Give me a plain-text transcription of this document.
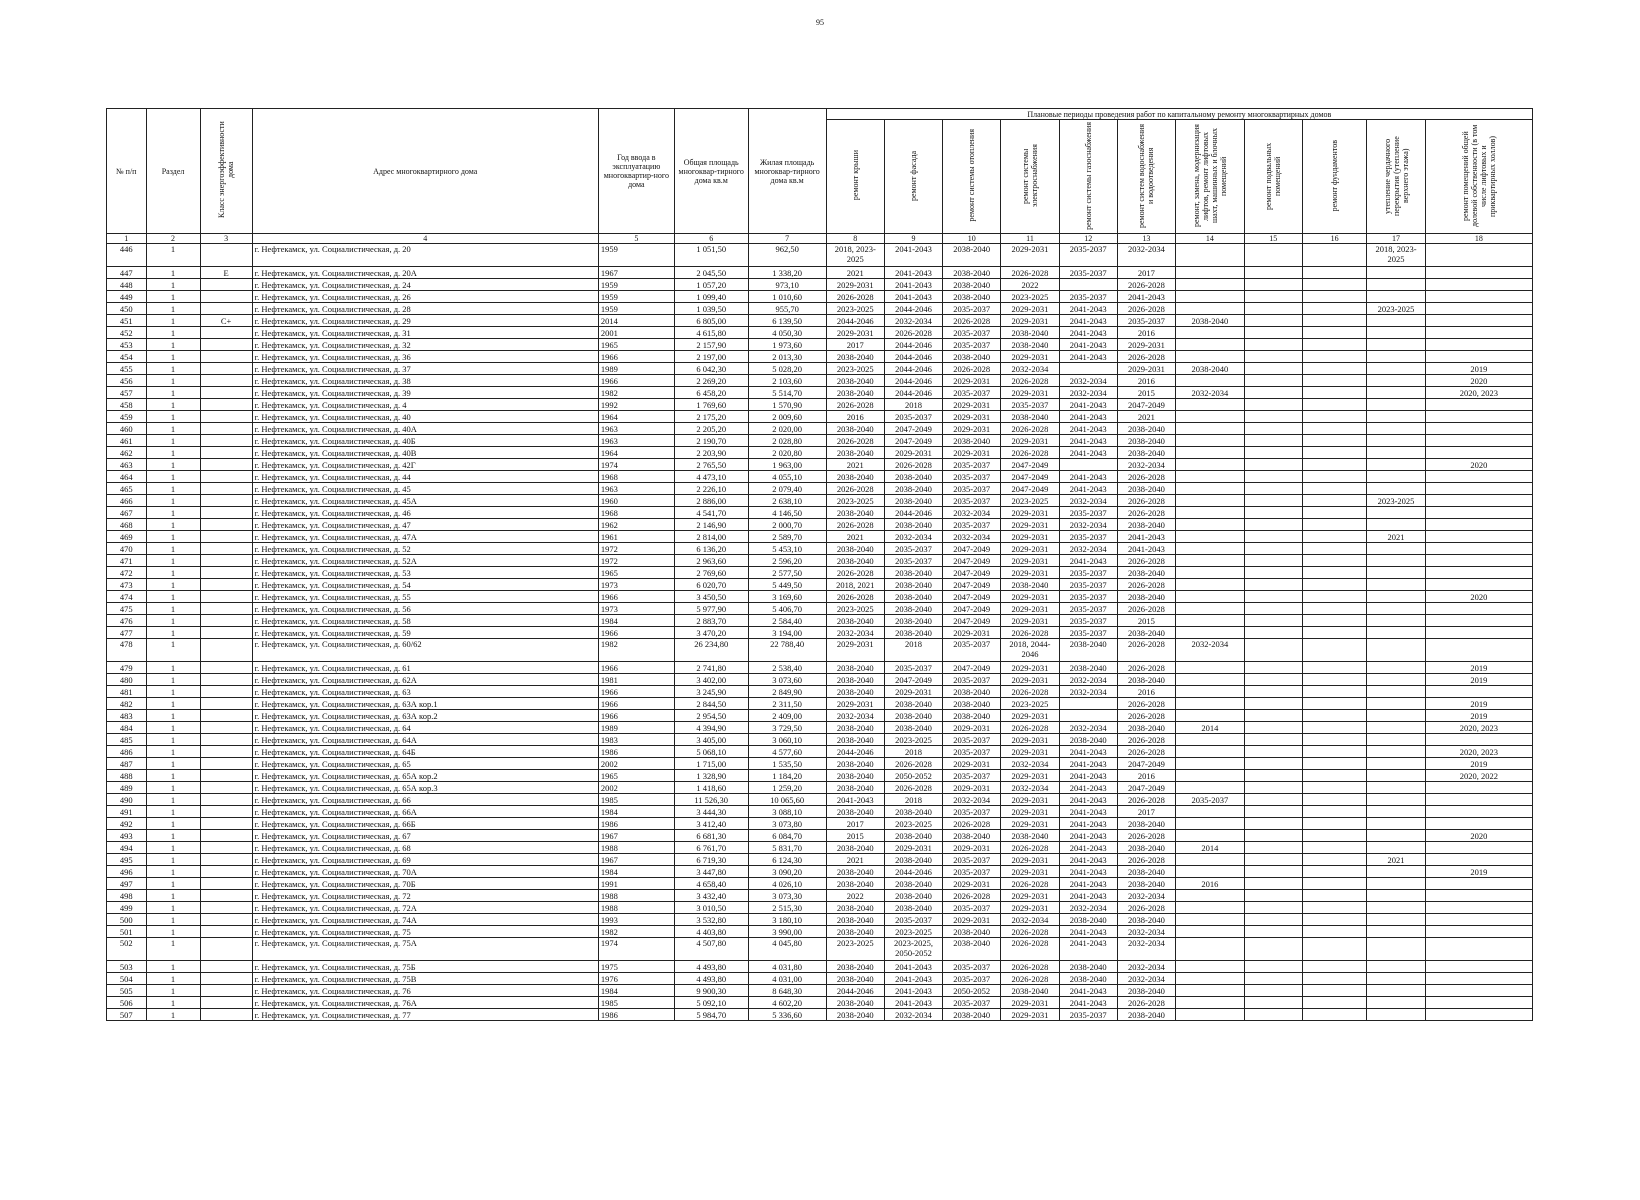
95
№ п/п	Раздел	Класс энергоэффективности дома	Адрес многоквартирного дома	Год ввода в эксплуатацию многоквартир-ного дома	Общая площадь многоквар-тирного дома кв.м	Жилая площадь многоквар-тирного дома кв.м	Плановые периоды проведения работ по капитальному ремонту многоквартирных домов										
							ремонт крыши	ремонт фасада	ремонт системы отопления	ремонт системы электроснабжения	ремонт системы газоснабжения	ремонт систем водоснабжения и водоотведения	ремонт, замена, модернизация лифтов, ремонт лифтовых шахт, машинных и блочных помещений	ремонт подвальных помещений	ремонт фундаментов	утепление чердачного перекрытия (утепление верхнего этажа)	ремонт помещений общей долевой собственности (в том числе лифтовых и приквартирных холлов)
1	2	3	4	5	6	7	8	9	10	11	12	13	14	15	16	17	18
446	1		г. Нефтекамск, ул. Социалистическая, д. 20	1959	1 051,50	962,50	2018, 2023-2025	2041-2043	2038-2040	2029-2031	2035-2037	2032-2034				2018, 2023-2025	
447	1	Е	г. Нефтекамск, ул. Социалистическая, д. 20А	1967	2 045,50	1 338,20	2021	2041-2043	2038-2040	2026-2028	2035-2037	2017					
448	1		г. Нефтекамск, ул. Социалистическая, д. 24	1959	1 057,20	973,10	2029-2031	2041-2043	2038-2040	2022		2026-2028					
449	1		г. Нефтекамск, ул. Социалистическая, д. 26	1959	1 099,40	1 010,60	2026-2028	2041-2043	2038-2040	2023-2025	2035-2037	2041-2043					
450	1		г. Нефтекамск, ул. Социалистическая, д. 28	1959	1 039,50	955,70	2023-2025	2044-2046	2035-2037	2029-2031	2041-2043	2026-2028				2023-2025	
451	1	С+	г. Нефтекамск, ул. Социалистическая, д. 29	2014	6 805,00	6 139,50	2044-2046	2032-2034	2026-2028	2029-2031	2041-2043	2035-2037	2038-2040				
452	1		г. Нефтекамск, ул. Социалистическая, д. 31	2001	4 615,80	4 050,30	2029-2031	2026-2028	2035-2037	2038-2040	2041-2043	2016					
453	1		г. Нефтекамск, ул. Социалистическая, д. 32	1965	2 157,90	1 973,60	2017	2044-2046	2035-2037	2038-2040	2041-2043	2029-2031					
454	1		г. Нефтекамск, ул. Социалистическая, д. 36	1966	2 197,00	2 013,30	2038-2040	2044-2046	2038-2040	2029-2031	2041-2043	2026-2028					
455	1		г. Нефтекамск, ул. Социалистическая, д. 37	1989	6 042,30	5 028,20	2023-2025	2044-2046	2026-2028	2032-2034		2029-2031	2038-2040				2019
456	1		г. Нефтекамск, ул. Социалистическая, д. 38	1966	2 269,20	2 103,60	2038-2040	2044-2046	2029-2031	2026-2028	2032-2034	2016					2020
457	1		г. Нефтекамск, ул. Социалистическая, д. 39	1982	6 458,20	5 514,70	2038-2040	2044-2046	2035-2037	2029-2031	2032-2034	2015	2032-2034				2020, 2023
458	1		г. Нефтекамск, ул. Социалистическая, д. 4	1992	1 769,60	1 570,90	2026-2028	2018	2029-2031	2035-2037	2041-2043	2047-2049					
459	1		г. Нефтекамск, ул. Социалистическая, д. 40	1964	2 175,20	2 009,60	2016	2035-2037	2029-2031	2038-2040	2041-2043	2021					
460	1		г. Нефтекамск, ул. Социалистическая, д. 40А	1963	2 205,20	2 020,00	2038-2040	2047-2049	2029-2031	2026-2028	2041-2043	2038-2040					
461	1		г. Нефтекамск, ул. Социалистическая, д. 40Б	1963	2 190,70	2 028,80	2026-2028	2047-2049	2038-2040	2029-2031	2041-2043	2038-2040					
462	1		г. Нефтекамск, ул. Социалистическая, д. 40В	1964	2 203,90	2 020,80	2038-2040	2029-2031	2029-2031	2026-2028	2041-2043	2038-2040					
463	1		г. Нефтекамск, ул. Социалистическая, д. 42Г	1974	2 765,50	1 963,00	2021	2026-2028	2035-2037	2047-2049		2032-2034					2020
464	1		г. Нефтекамск, ул. Социалистическая, д. 44	1968	4 473,10	4 055,10	2038-2040	2038-2040	2035-2037	2047-2049	2041-2043	2026-2028					
465	1		г. Нефтекамск, ул. Социалистическая, д. 45	1963	2 226,10	2 079,40	2026-2028	2038-2040	2035-2037	2047-2049	2041-2043	2038-2040					
466	1		г. Нефтекамск, ул. Социалистическая, д. 45А	1960	2 886,00	2 638,10	2023-2025	2038-2040	2035-2037	2023-2025	2032-2034	2026-2028				2023-2025	
467	1		г. Нефтекамск, ул. Социалистическая, д. 46	1968	4 541,70	4 146,50	2038-2040	2044-2046	2032-2034	2029-2031	2035-2037	2026-2028					
468	1		г. Нефтекамск, ул. Социалистическая, д. 47	1962	2 146,90	2 000,70	2026-2028	2038-2040	2035-2037	2029-2031	2032-2034	2038-2040					
469	1		г. Нефтекамск, ул. Социалистическая, д. 47А	1961	2 814,00	2 589,70	2021	2032-2034	2032-2034	2029-2031	2035-2037	2041-2043				2021	
470	1		г. Нефтекамск, ул. Социалистическая, д. 52	1972	6 136,20	5 453,10	2038-2040	2035-2037	2047-2049	2029-2031	2032-2034	2041-2043					
471	1		г. Нефтекамск, ул. Социалистическая, д. 52А	1972	2 963,60	2 596,20	2038-2040	2035-2037	2047-2049	2029-2031	2041-2043	2026-2028					
472	1		г. Нефтекамск, ул. Социалистическая, д. 53	1965	2 769,60	2 577,50	2026-2028	2038-2040	2047-2049	2029-2031	2035-2037	2038-2040					
473	1		г. Нефтекамск, ул. Социалистическая, д. 54	1973	6 020,70	5 449,50	2018, 2021	2038-2040	2047-2049	2038-2040	2035-2037	2026-2028					
474	1		г. Нефтекамск, ул. Социалистическая, д. 55	1966	3 450,50	3 169,60	2026-2028	2038-2040	2047-2049	2029-2031	2035-2037	2038-2040					2020
475	1		г. Нефтекамск, ул. Социалистическая, д. 56	1973	5 977,90	5 406,70	2023-2025	2038-2040	2047-2049	2029-2031	2035-2037	2026-2028					
476	1		г. Нефтекамск, ул. Социалистическая, д. 58	1984	2 883,70	2 584,40	2038-2040	2038-2040	2047-2049	2029-2031	2035-2037	2015					
477	1		г. Нефтекамск, ул. Социалистическая, д. 59	1966	3 470,20	3 194,00	2032-2034	2038-2040	2029-2031	2026-2028	2035-2037	2038-2040					
478	1		г. Нефтекамск, ул. Социалистическая, д. 60/62	1982	26 234,80	22 788,40	2029-2031	2018	2035-2037	2018, 2044-2046	2038-2040	2026-2028	2032-2034				
479	1		г. Нефтекамск, ул. Социалистическая, д. 61	1966	2 741,80	2 538,40	2038-2040	2035-2037	2047-2049	2029-2031	2038-2040	2026-2028					2019
480	1		г. Нефтекамск, ул. Социалистическая, д. 62А	1981	3 402,00	3 073,60	2038-2040	2047-2049	2035-2037	2029-2031	2032-2034	2038-2040					2019
481	1		г. Нефтекамск, ул. Социалистическая, д. 63	1966	3 245,90	2 849,90	2038-2040	2029-2031	2038-2040	2026-2028	2032-2034	2016					
482	1		г. Нефтекамск, ул. Социалистическая, д. 63А кор.1	1966	2 844,50	2 311,50	2029-2031	2038-2040	2038-2040	2023-2025		2026-2028					2019
483	1		г. Нефтекамск, ул. Социалистическая, д. 63А кор.2	1966	2 954,50	2 409,00	2032-2034	2038-2040	2038-2040	2029-2031		2026-2028					2019
484	1		г. Нефтекамск, ул. Социалистическая, д. 64	1989	4 394,90	3 729,50	2038-2040	2038-2040	2029-2031	2026-2028	2032-2034	2038-2040	2014				2020, 2023
485	1		г. Нефтекамск, ул. Социалистическая, д. 64А	1983	3 405,00	3 060,10	2038-2040	2023-2025	2035-2037	2029-2031	2038-2040	2026-2028					
486	1		г. Нефтекамск, ул. Социалистическая, д. 64Б	1986	5 068,10	4 577,60	2044-2046	2018	2035-2037	2029-2031	2041-2043	2026-2028					2020, 2023
487	1		г. Нефтекамск, ул. Социалистическая, д. 65	2002	1 715,00	1 535,50	2038-2040	2026-2028	2029-2031	2032-2034	2041-2043	2047-2049					2019
488	1		г. Нефтекамск, ул. Социалистическая, д. 65А кор.2	1965	1 328,90	1 184,20	2038-2040	2050-2052	2035-2037	2029-2031	2041-2043	2016					2020, 2022
489	1		г. Нефтекамск, ул. Социалистическая, д. 65А кор.3	2002	1 418,60	1 259,20	2038-2040	2026-2028	2029-2031	2032-2034	2041-2043	2047-2049					
490	1		г. Нефтекамск, ул. Социалистическая, д. 66	1985	11 526,30	10 065,60	2041-2043	2018	2032-2034	2029-2031	2041-2043	2026-2028	2035-2037				
491	1		г. Нефтекамск, ул. Социалистическая, д. 66А	1984	3 444,30	3 088,10	2038-2040	2038-2040	2035-2037	2029-2031	2041-2043	2017					
492	1		г. Нефтекамск, ул. Социалистическая, д. 66Б	1986	3 412,40	3 073,80	2017	2023-2025	2026-2028	2029-2031	2041-2043	2038-2040					
493	1		г. Нефтекамск, ул. Социалистическая, д. 67	1967	6 681,30	6 084,70	2015	2038-2040	2038-2040	2038-2040	2041-2043	2026-2028					2020
494	1		г. Нефтекамск, ул. Социалистическая, д. 68	1988	6 761,70	5 831,70	2038-2040	2029-2031	2029-2031	2026-2028	2041-2043	2038-2040	2014				
495	1		г. Нефтекамск, ул. Социалистическая, д. 69	1967	6 719,30	6 124,30	2021	2038-2040	2035-2037	2029-2031	2041-2043	2026-2028				2021	
496	1		г. Нефтекамск, ул. Социалистическая, д. 70А	1984	3 447,80	3 090,20	2038-2040	2044-2046	2035-2037	2029-2031	2041-2043	2038-2040					2019
497	1		г. Нефтекамск, ул. Социалистическая, д. 70Б	1991	4 658,40	4 026,10	2038-2040	2038-2040	2029-2031	2026-2028	2041-2043	2038-2040	2016				
498	1		г. Нефтекамск, ул. Социалистическая, д. 72	1988	3 432,40	3 073,30	2022	2038-2040	2026-2028	2029-2031	2041-2043	2032-2034					
499	1		г. Нефтекамск, ул. Социалистическая, д. 72А	1988	3 010,50	2 515,30	2038-2040	2038-2040	2035-2037	2029-2031	2032-2034	2026-2028					
500	1		г. Нефтекамск, ул. Социалистическая, д. 74А	1993	3 532,80	3 180,10	2038-2040	2035-2037	2029-2031	2032-2034	2038-2040	2038-2040					
501	1		г. Нефтекамск, ул. Социалистическая, д. 75	1982	4 403,80	3 990,00	2038-2040	2023-2025	2038-2040	2026-2028	2041-2043	2032-2034					
502	1		г. Нефтекамск, ул. Социалистическая, д. 75А	1974	4 507,80	4 045,80	2023-2025	2023-2025, 2050-2052	2038-2040	2026-2028	2041-2043	2032-2034					
503	1		г. Нефтекамск, ул. Социалистическая, д. 75Б	1975	4 493,80	4 031,80	2038-2040	2041-2043	2035-2037	2026-2028	2038-2040	2032-2034					
504	1		г. Нефтекамск, ул. Социалистическая, д. 75В	1976	4 493,80	4 031,00	2038-2040	2041-2043	2035-2037	2026-2028	2038-2040	2032-2034					
505	1		г. Нефтекамск, ул. Социалистическая, д. 76	1984	9 900,30	8 648,30	2044-2046	2041-2043	2050-2052	2038-2040	2041-2043	2038-2040					
506	1		г. Нефтекамск, ул. Социалистическая, д. 76А	1985	5 092,10	4 602,20	2038-2040	2041-2043	2035-2037	2029-2031	2041-2043	2026-2028					
507	1		г. Нефтекамск, ул. Социалистическая, д. 77	1986	5 984,70	5 336,60	2038-2040	2032-2034	2038-2040	2029-2031	2035-2037	2038-2040					
